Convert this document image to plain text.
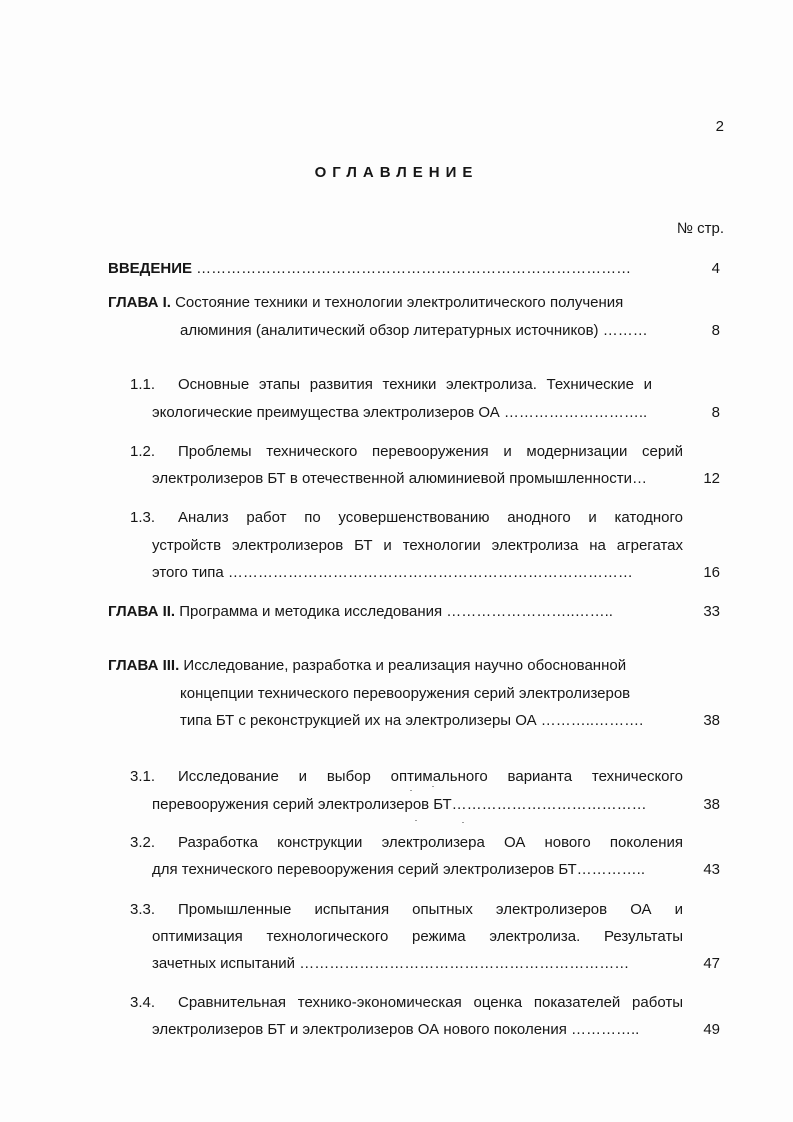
2
ОГЛАВЛЕНИЕ
№ стр.
ВВЕДЕНИЕ ……………………………………………………………………………	4
ГЛАВА I. Состояние техники и технологии электролитического получения
алюминия (аналитический обзор литературных источников) ………	8
1.1. Основные этапы развития техники электролиза. Технические и
экологические преимущества электролизеров ОА ………………………..	8
1.2. Проблемы технического перевооружения и модернизации серий
электролизеров БТ в отечественной алюминиевой промышленности…	12
1.3. Анализ работ по усовершенствованию анодного и катодного
устройств электролизеров БТ и технологии электролиза на агрегатах
этого типа ………………………………………………………………………	16
ГЛАВА II. Программа и методика исследования ……………………..……..	33
ГЛАВА III. Исследование, разработка и реализация научно обоснованной
концепции технического перевооружения серий электролизеров
типа БТ с реконструкцией их на электролизеры ОА ………..……….	38
3.1. Исследование и выбор оптимального варианта технического
перевооружения серий электролизеров БТ…………………………………	38
3.2. Разработка конструкции электролизера ОА нового поколения
для технического перевооружения серий электролизеров БТ…………..	43
3.3. Промышленные испытания опытных электролизеров ОА и
оптимизация технологического режима электролиза. Результаты
зачетных испытаний …………………………………………………………	47
3.4. Сравнительная технико-экономическая оценка показателей работы
электролизеров БТ и электролизеров ОА нового поколения …………..	49
